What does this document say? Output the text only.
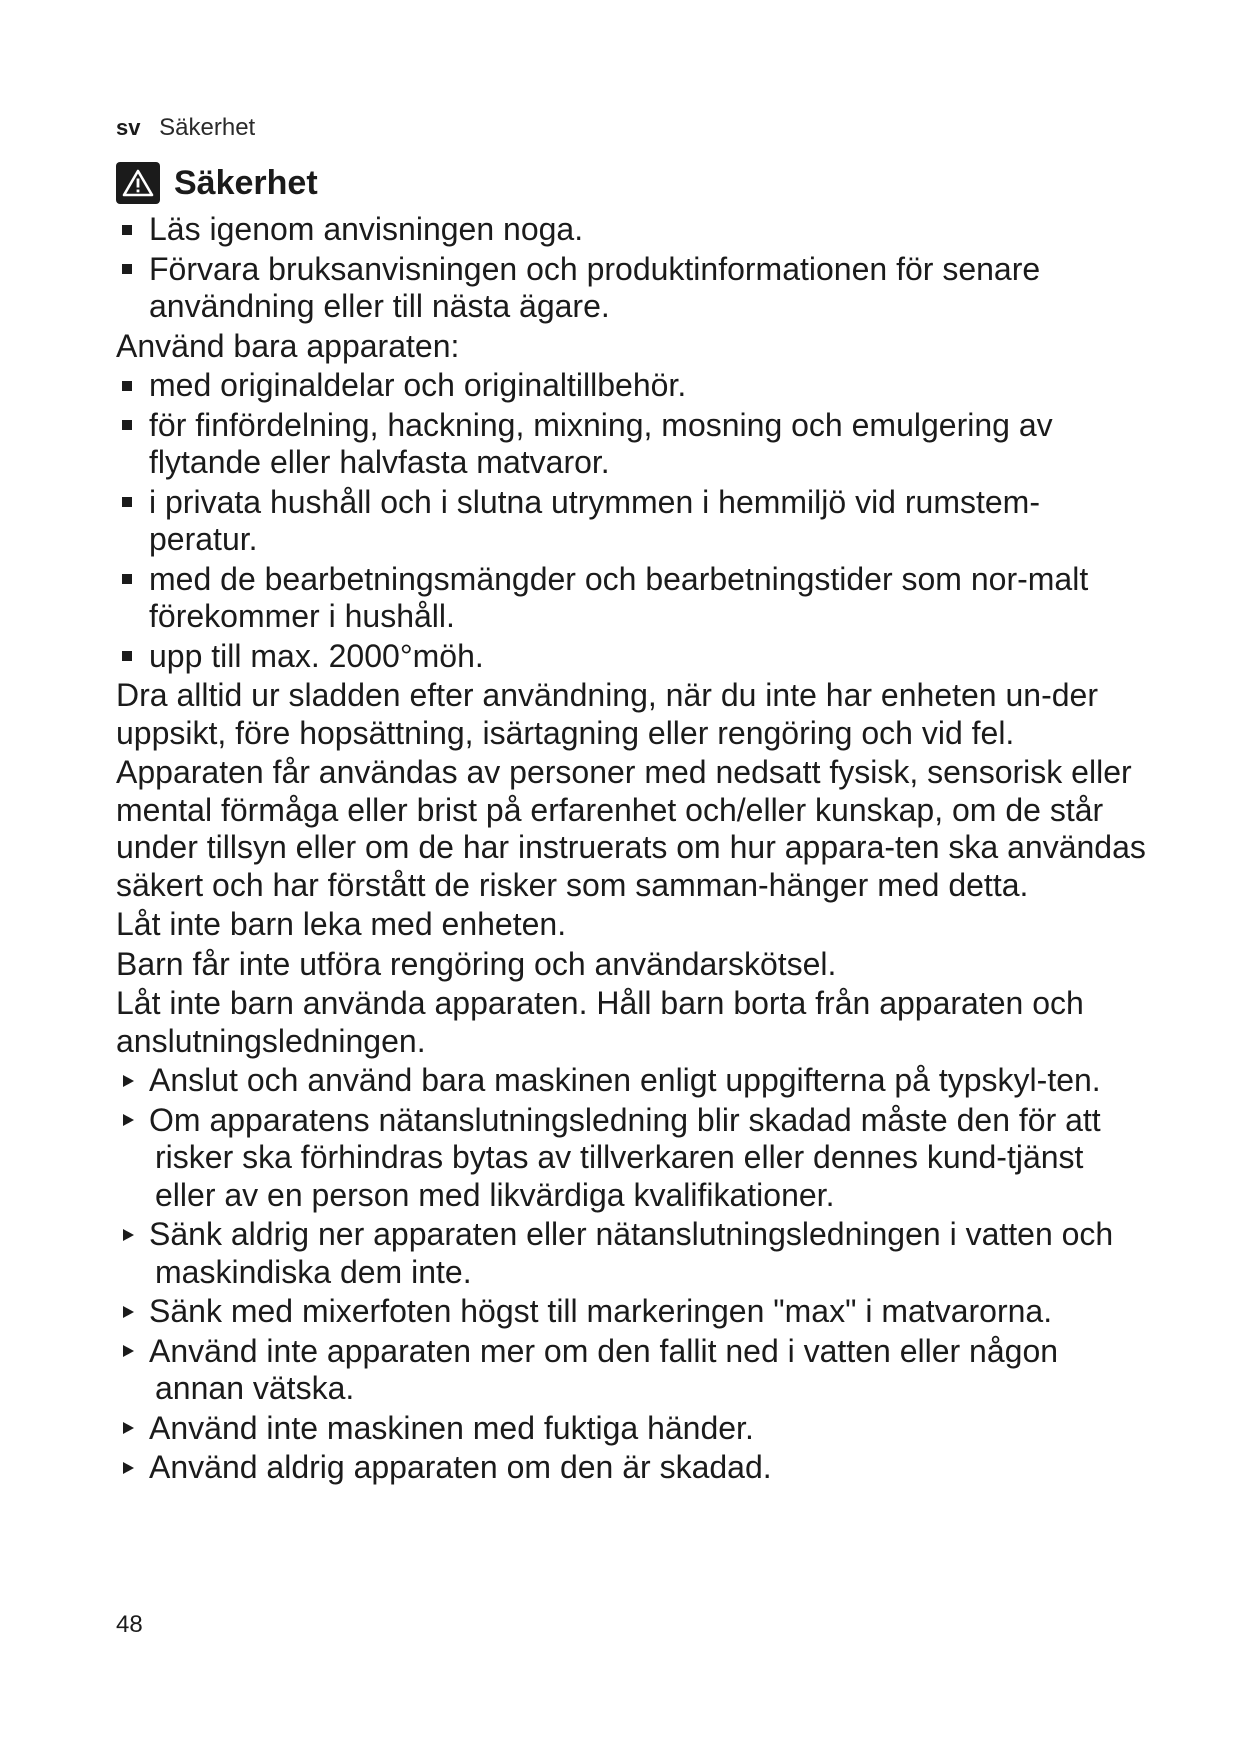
sv Säkerhet
Säkerhet
Läs igenom anvisningen noga.
Förvara bruksanvisningen och produktinformationen för senare användning eller till nästa ägare.
Använd bara apparaten:
med originaldelar och originaltillbehör.
för finfördelning, hackning, mixning, mosning och emulgering av flytande eller halvfasta matvaror.
i privata hushåll och i slutna utrymmen i hemmiljö vid rumstem-peratur.
med de bearbetningsmängder och bearbetningstider som nor-malt förekommer i hushåll.
upp till max. 2000°möh.
Dra alltid ur sladden efter användning, när du inte har enheten un-der uppsikt, före hopsättning, isärtagning eller rengöring och vid fel.
Apparaten får användas av personer med nedsatt fysisk, sensorisk eller mental förmåga eller brist på erfarenhet och/eller kunskap, om de står under tillsyn eller om de har instruerats om hur appara-ten ska användas säkert och har förstått de risker som samman-hänger med detta.
Låt inte barn leka med enheten.
Barn får inte utföra rengöring och användarskötsel.
Låt inte barn använda apparaten. Håll barn borta från apparaten och anslutningsledningen.
Anslut och använd bara maskinen enligt uppgifterna på typskyl-ten.
Om apparatens nätanslutningsledning blir skadad måste den för att risker ska förhindras bytas av tillverkaren eller dennes kund-tjänst eller av en person med likvärdiga kvalifikationer.
Sänk aldrig ner apparaten eller nätanslutningsledningen i vatten och maskindiska dem inte.
Sänk med mixerfoten högst till markeringen "max" i matvarorna.
Använd inte apparaten mer om den fallit ned i vatten eller någon annan vätska.
Använd inte maskinen med fuktiga händer.
Använd aldrig apparaten om den är skadad.
48
